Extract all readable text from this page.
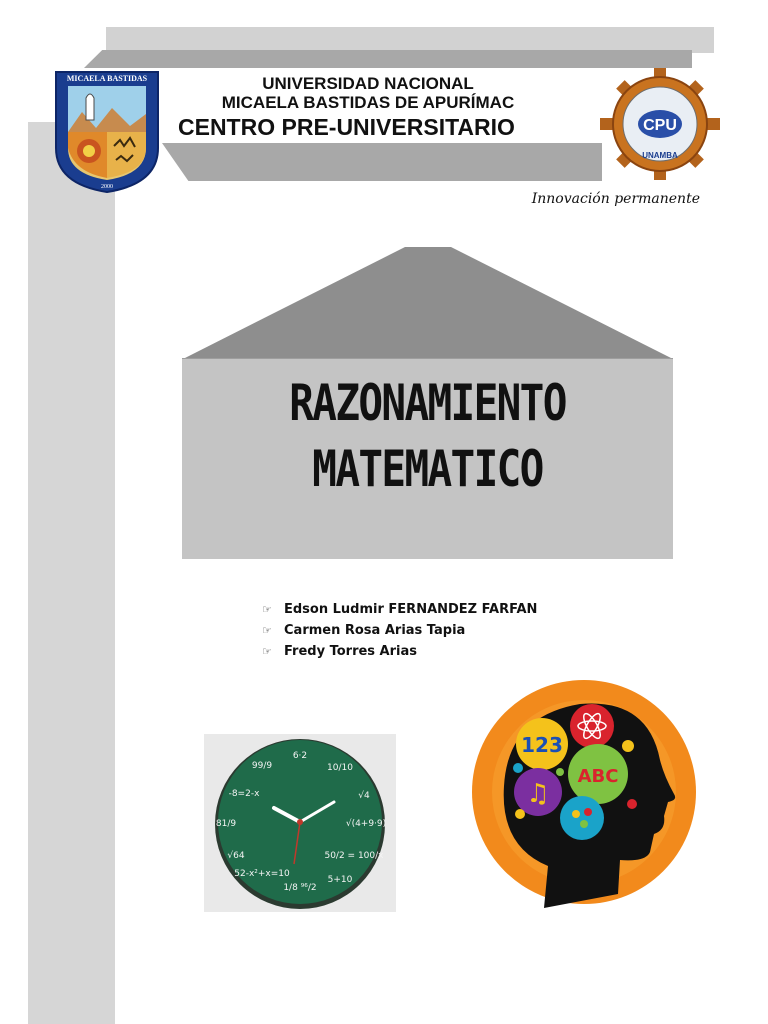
MICAELA BASTIDAS
2000
UNIVERSIDAD NACIONAL
MICAELA BASTIDAS DE APURÍMAC
CENTRO PRE-UNIVERSITARIO	CPU
UNAMBA
Innovación permanente
RAZONAMIENTO
MATEMATICO
☞ Edson Ludmir FERNANDEZ FARFAN
☞ Carmen Rosa Arias Tapia
☞ Fredy Torres Arias
6·2
99/9	10/10
-8=2-x	√4
81/9	√(4+9·9)
√64	50/2 = 100/x
52-x²+x=10
1/8 ⁹⁶/2
5+10
123
♫
ABC
